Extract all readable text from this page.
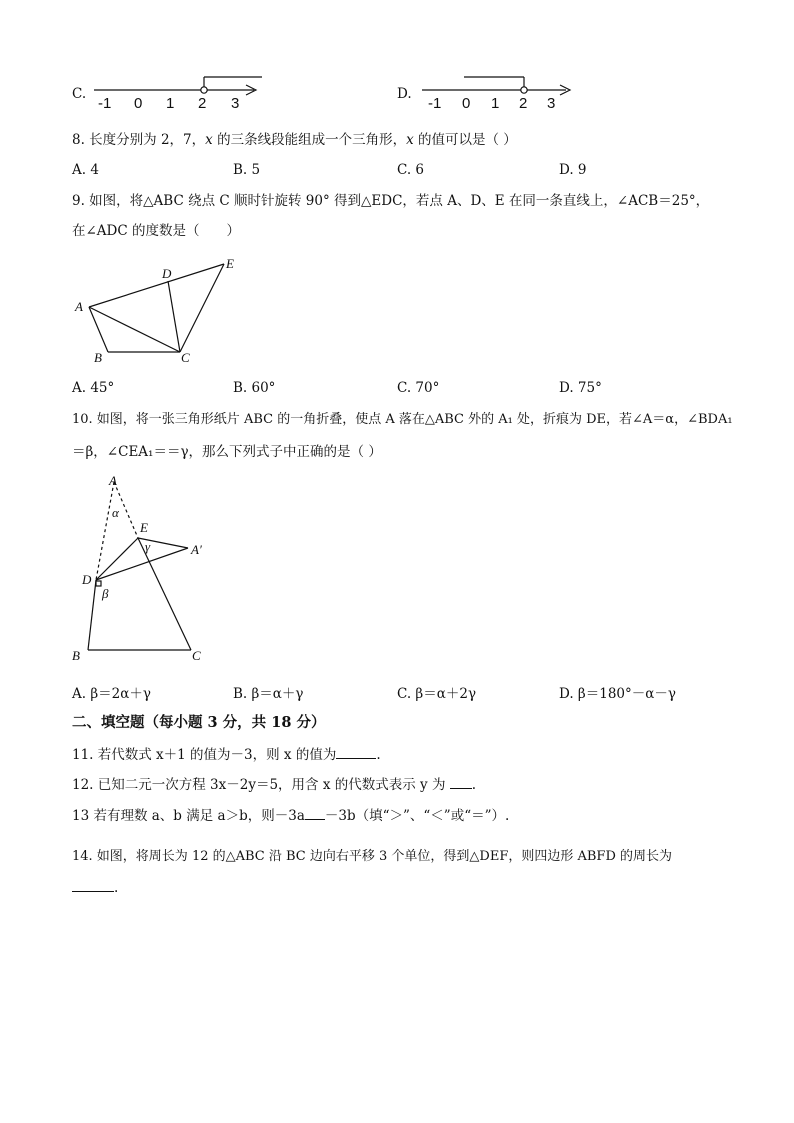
C.
-1 0 1 2 3
D.
-1 0 1 2 3
8. 长度分别为 2，7，x 的三条线段能组成一个三角形，x 的值可以是（ ）
A. 4	B. 5	C. 6	D. 9
9. 如图，将△ABC 绕点 C 顺时针旋转 90° 得到△EDC，若点 A、D、E 在同一条直线上，∠ACB＝25°，
在∠ADC 的度数是（　　）
A
B	C
D
E
A. 45°	B. 60°	C. 70°	D. 75°
10. 如图，将一张三角形纸片 ABC 的一角折叠，使点 A 落在△ABC 外的 A₁ 处，折痕为 DE，若∠A＝α，∠BDA₁
＝β，∠CEA₁＝＝γ，那么下列式子中正确的是（ ）
A
α
E
γ	A′
D
β
B	C
A. β＝2α＋γ	B. β＝α＋γ	C. β＝α＋2γ	D. β＝180°－α－γ
二、填空题（每小题 3 分，共 18 分）
11. 若代数式 x＋1 的值为－3，则 x 的值为	.
12. 已知二元一次方程 3x－2y＝5，用含 x 的代数式表示 y 为 .
13 若有理数 a、b 满足 a＞b，则－3a －3b（填“＞”、“＜”或“＝”）.
14. 如图，将周长为 12 的△ABC 沿 BC 边向右平移 3 个单位，得到△DEF，则四边形 ABFD 的周长为
.
